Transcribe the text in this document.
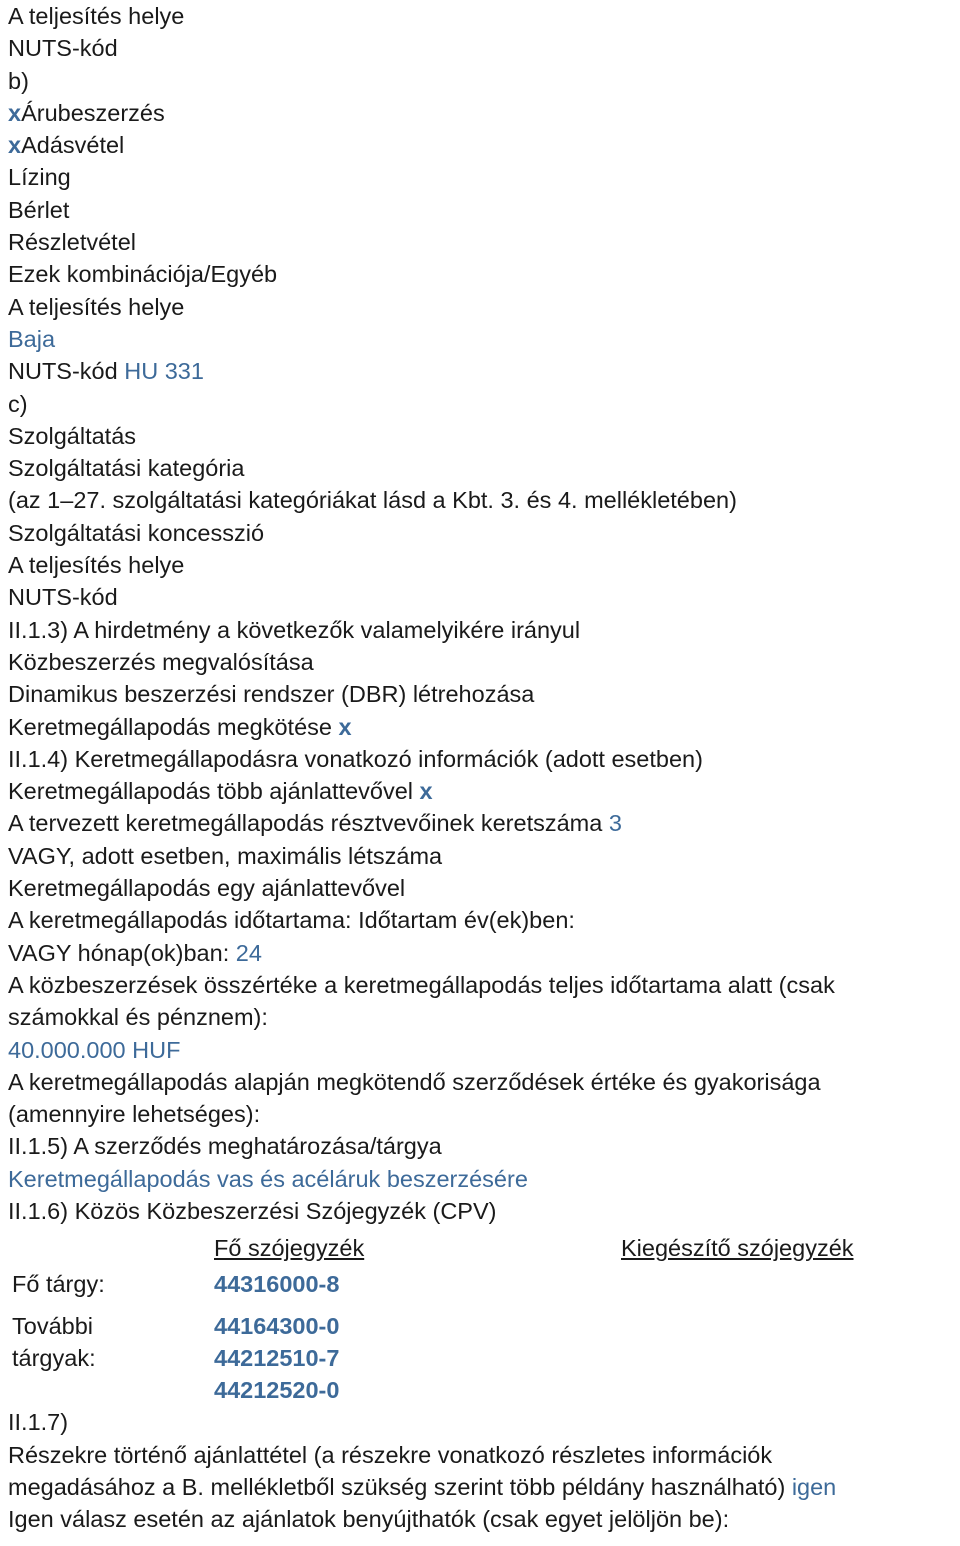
A teljesítés helye
NUTS-kód
b)
xÁrubeszerzés
xAdásvétel
Lízing
Bérlet
Részletvétel
Ezek kombinációja/Egyéb
A teljesítés helye
Baja
NUTS-kód HU 331
c)
Szolgáltatás
Szolgáltatási kategória
(az 1–27. szolgáltatási kategóriákat lásd a Kbt. 3. és 4. mellékletében)
Szolgáltatási koncesszió
A teljesítés helye
NUTS-kód
II.1.3) A hirdetmény a következők valamelyikére irányul
Közbeszerzés megvalósítása
Dinamikus beszerzési rendszer (DBR) létrehozása
Keretmegállapodás megkötése x
II.1.4) Keretmegállapodásra vonatkozó információk (adott esetben)
Keretmegállapodás több ajánlattevővel x
A tervezett keretmegállapodás résztvevőinek keretszáma 3
VAGY, adott esetben, maximális létszáma
Keretmegállapodás egy ajánlattevővel
A keretmegállapodás időtartama: Időtartam év(ek)ben:
VAGY hónap(ok)ban: 24
A közbeszerzések összértéke a keretmegállapodás teljes időtartama alatt (csak
számokkal és pénznem):
40.000.000 HUF
A keretmegállapodás alapján megkötendő szerződések értéke és gyakorisága
(amennyire lehetséges):
II.1.5) A szerződés meghatározása/tárgya
Keretmegállapodás vas és acéláruk beszerzésére
II.1.6) Közös Közbeszerzési Szójegyzék (CPV)
Fő szójegyzék	Kiegészítő szójegyzék
Fő tárgy:	44316000-8
További	44164300-0
tárgyak:	44212510-7
44212520-0
II.1.7)
Részekre történő ajánlattétel (a részekre vonatkozó részletes információk
megadásához a B. mellékletből szükség szerint több példány használható) igen
Igen válasz esetén az ajánlatok benyújthatók (csak egyet jelöljön be):
